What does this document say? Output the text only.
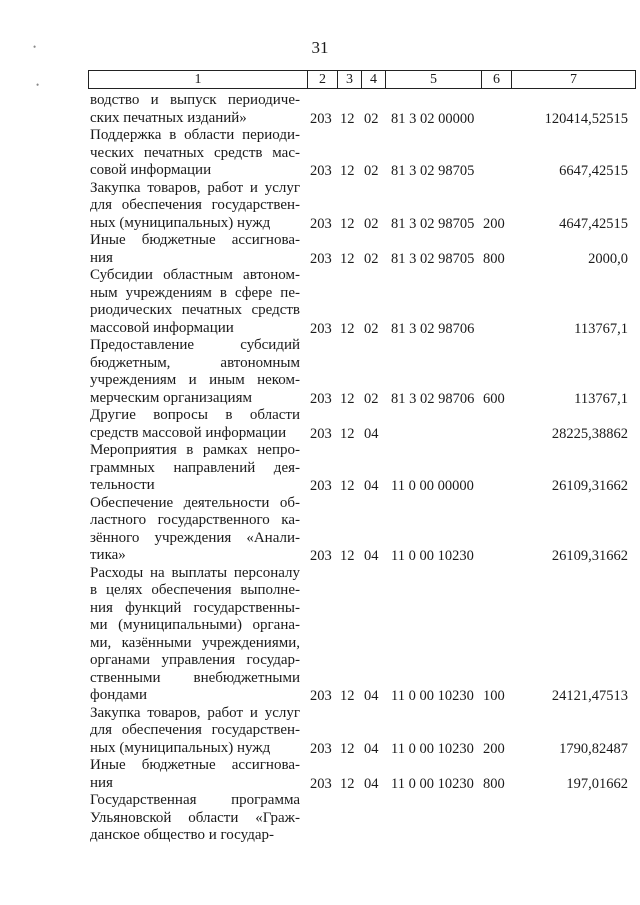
31
1	2	3	4	5	6	7
водство и выпуск периодиче-
ских печатных изданий»	203 12 02 81 3 02 00000	120414,52515
Поддержка в области периоди-
ческих печатных средств мас-
совой информации	203 12 02 81 3 02 98705	6647,42515
Закупка товаров, работ и услуг
для обеспечения государствен-
ных (муниципальных) нужд	203 12 02 81 3 02 98705 200	4647,42515
Иные бюджетные ассигнова-
ния	203 12 02 81 3 02 98705 800	2000,0
Субсидии областным автоном-
ным учреждениям в сфере пе-
риодических печатных средств
массовой информации	203 12 02 81 3 02 98706	113767,1
Предоставление субсидий
бюджетным, автономным
учреждениям и иным неком-
мерческим организациям	203 12 02 81 3 02 98706 600	113767,1
Другие вопросы в области
средств массовой информации	203 12 04	28225,38862
Мероприятия в рамках непро-
граммных направлений дея-
тельности	203 12 04 11 0 00 00000	26109,31662
Обеспечение деятельности об-
ластного государственного ка-
зённого учреждения «Анали-
тика»	203 12 04 11 0 00 10230	26109,31662
Расходы на выплаты персоналу
в целях обеспечения выполне-
ния функций государственны-
ми (муниципальными) органа-
ми, казёнными учреждениями,
органами управления государ-
ственными внебюджетными
фондами	203 12 04 11 0 00 10230 100	24121,47513
Закупка товаров, работ и услуг
для обеспечения государствен-
ных (муниципальных) нужд	203 12 04 11 0 00 10230 200	1790,82487
Иные бюджетные ассигнова-
ния	203 12 04 11 0 00 10230 800	197,01662
Государственная программа
Ульяновской области «Граж-
данское общество и государ-
•
•
